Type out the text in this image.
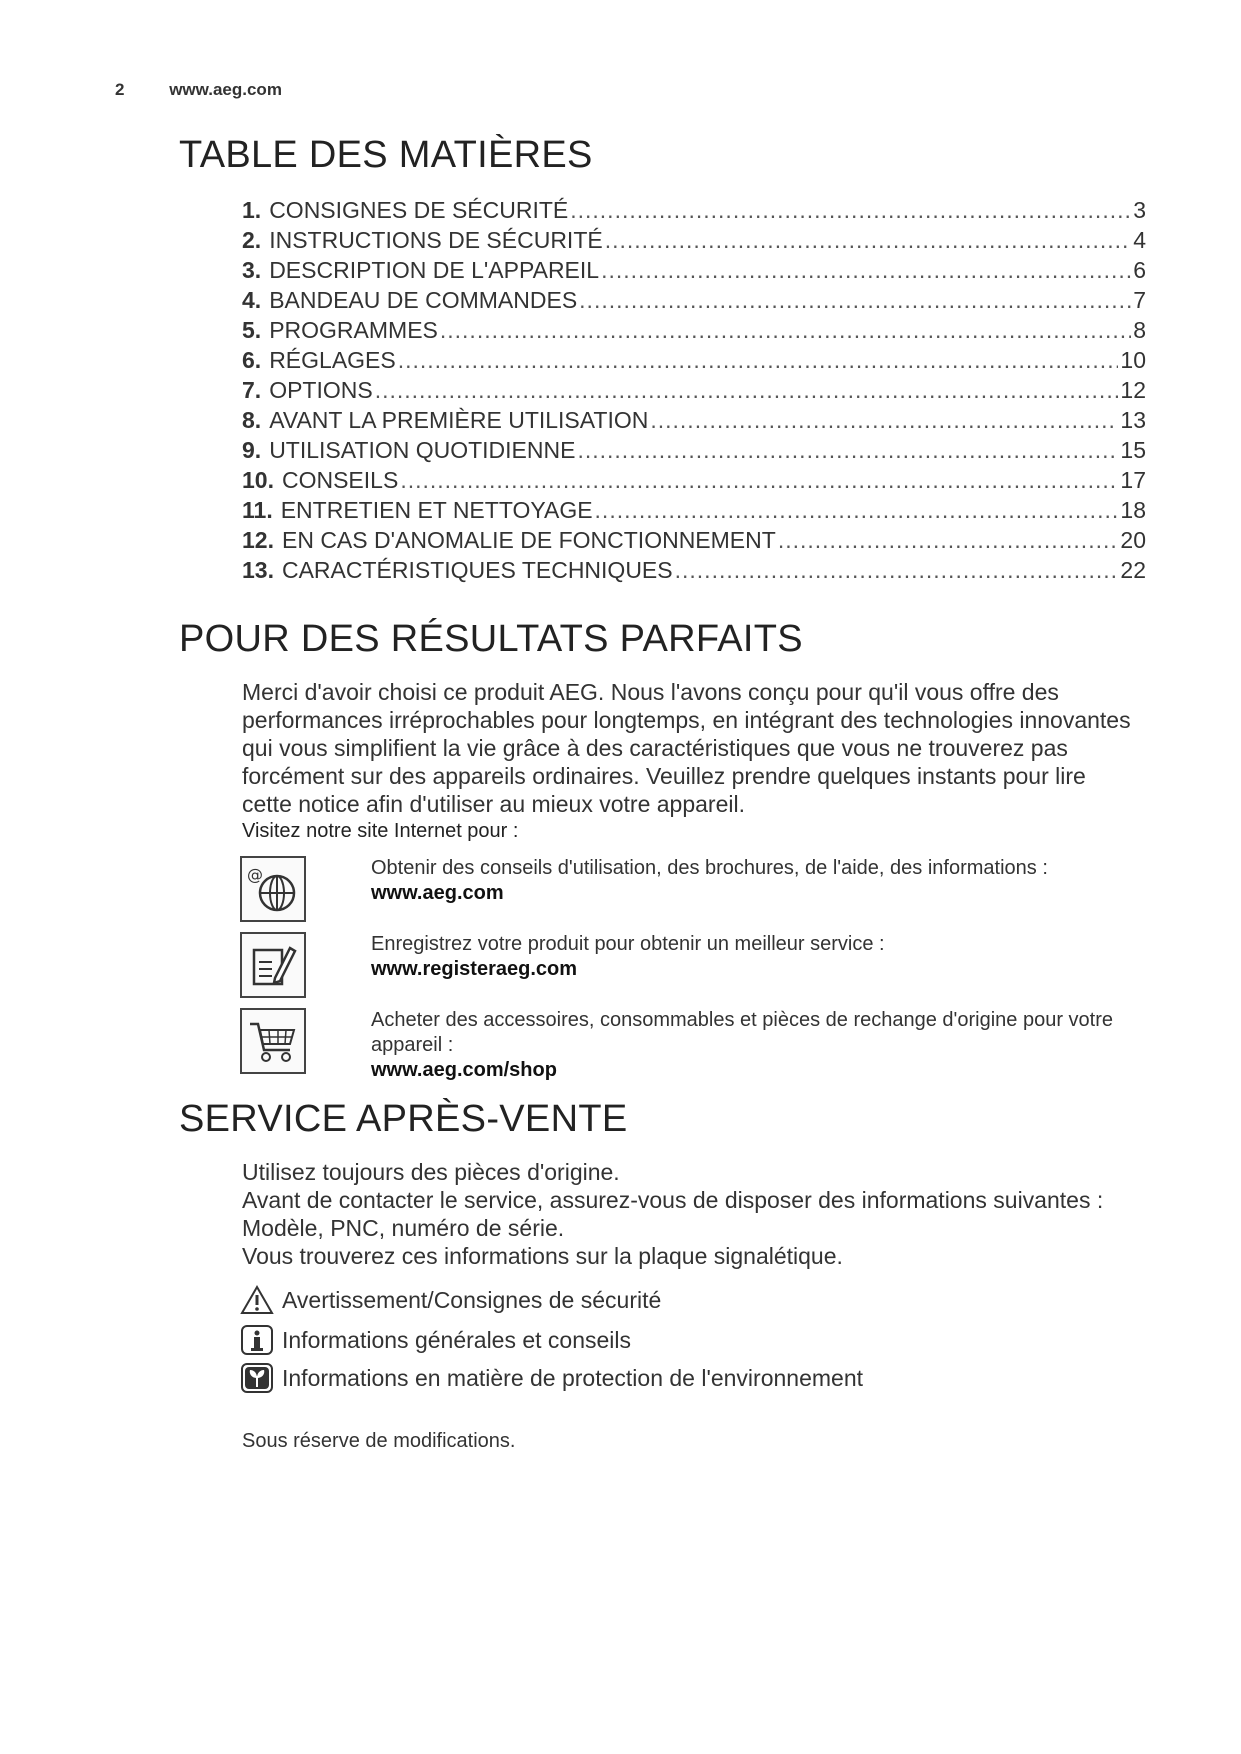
2	www.aeg.com
TABLE DES MATIÈRES
1. CONSIGNES DE SÉCURITÉ .....	3
2. INSTRUCTIONS DE SÉCURITÉ .....	4
3. DESCRIPTION DE L'APPAREIL .....	6
4. BANDEAU DE COMMANDES .....	7
5. PROGRAMMES .....	8
6. RÉGLAGES .....	10
7. OPTIONS .....	12
8. AVANT LA PREMIÈRE UTILISATION .....	13
9. UTILISATION QUOTIDIENNE .....	15
10. CONSEILS .....	17
11. ENTRETIEN ET NETTOYAGE .....	18
12. EN CAS D'ANOMALIE DE FONCTIONNEMENT .....	20
13. CARACTÉRISTIQUES TECHNIQUES .....	22
POUR DES RÉSULTATS PARFAITS

Merci d'avoir choisi ce produit AEG. Nous l'avons conçu pour qu'il vous offre des performances irréprochables pour longtemps, en intégrant des technologies innovantes qui vous simplifient la vie grâce à des caractéristiques que vous ne trouverez pas forcément sur des appareils ordinaires. Veuillez prendre quelques instants pour lire cette notice afin d'utiliser au mieux votre appareil.

Visitez notre site Internet pour :
@	Obtenir des conseils d'utilisation, des brochures, de l'aide, des informations :
www.aeg.com
Enregistrez votre produit pour obtenir un meilleur service :
www.registeraeg.com
Acheter des accessoires, consommables et pièces de rechange d'origine pour votre appareil :
www.aeg.com/shop
SERVICE APRÈS-VENTE
Utilisez toujours des pièces d'origine.
Avant de contacter le service, assurez-vous de disposer des informations suivantes : Modèle, PNC, numéro de série.
Vous trouverez ces informations sur la plaque signalétique.
Avertissement/Consignes de sécurité
Informations générales et conseils
Informations en matière de protection de l'environnement
Sous réserve de modifications.
